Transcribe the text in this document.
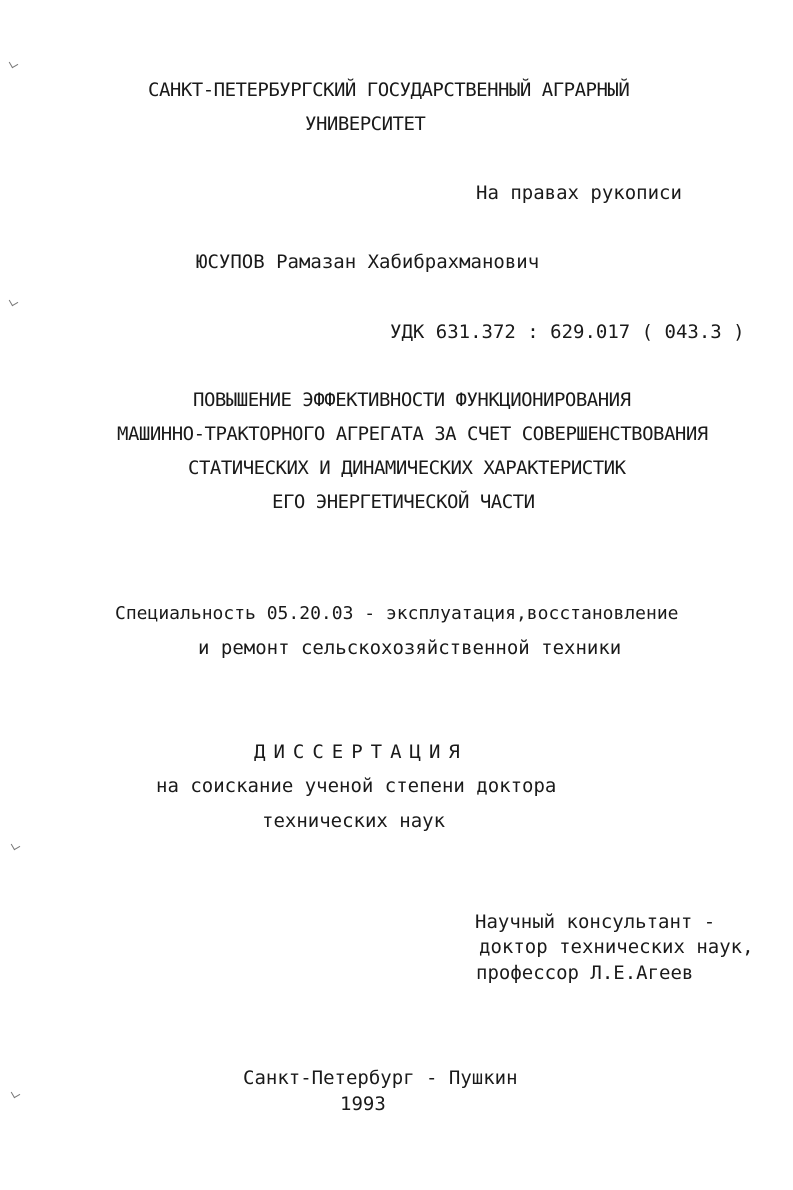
САНКТ-ПЕТЕРБУРГСКИЙ ГОСУДАРСТВЕННЫЙ АГРАРНЫЙ
УНИВЕРСИТЕТ
На правах рукописи
ЮСУПОВ Рамазан Хабибрахманович
УДК 631.372 : 629.017 ( 043.3 )
ПОВЫШЕНИЕ ЭФФЕКТИВНОСТИ ФУНКЦИОНИРОВАНИЯ
МАШИННО-ТРАКТОРНОГО АГРЕГАТА ЗА СЧЕТ СОВЕРШЕНСТВОВАНИЯ
СТАТИЧЕСКИХ И ДИНАМИЧЕСКИХ ХАРАКТЕРИСТИК
ЕГО ЭНЕРГЕТИЧЕСКОЙ ЧАСТИ
Специальность 05.20.03 - эксплуатация,восстановление
и ремонт сельскохозяйственной техники
ДИССЕРТАЦИЯ
на соискание ученой степени доктора
технических наук
Научный консультант -
доктор технических наук,
профессор Л.Е.Агеев
Санкт-Петербург - Пушкин
1993
